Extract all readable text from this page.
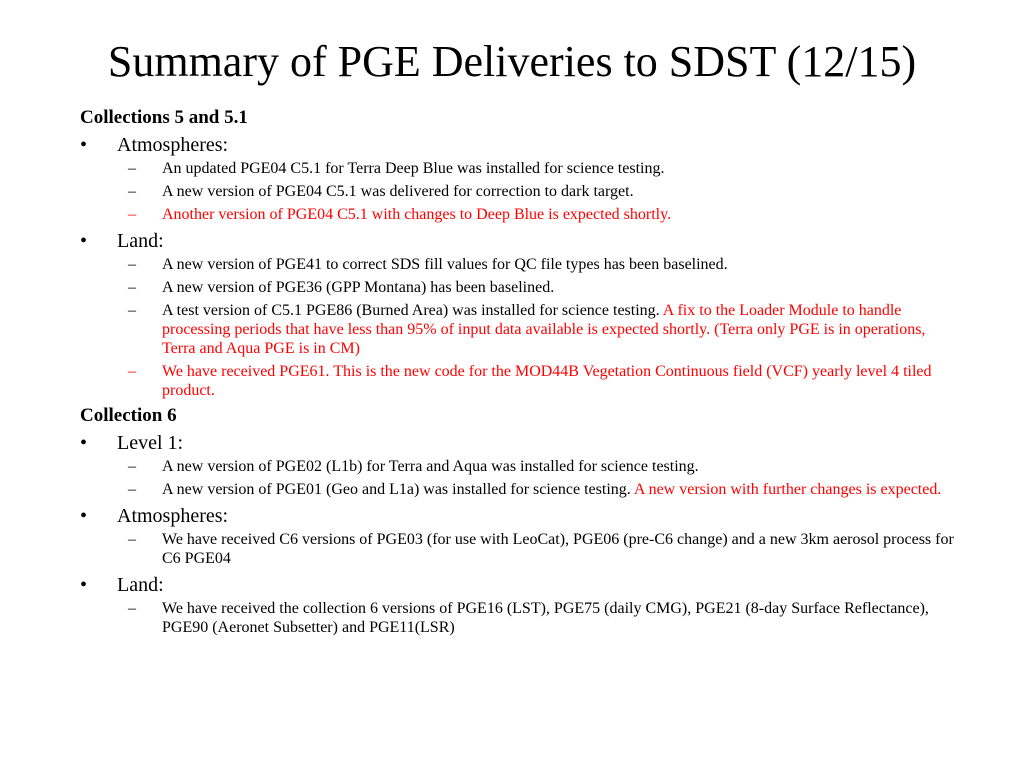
Summary of PGE Deliveries to SDST (12/15)
Collections 5 and 5.1
•	Atmospheres:
– An updated PGE04 C5.1 for Terra Deep Blue was installed for science testing.
– A new version of PGE04 C5.1 was delivered for correction to dark target.
– Another version of PGE04 C5.1 with changes to Deep Blue is expected shortly.
•	Land:
– A new version of PGE41 to correct SDS fill values for QC file types has been baselined.
– A new version of PGE36 (GPP Montana) has been baselined.
– A test version of C5.1 PGE86 (Burned Area) was installed for science testing. A fix to the Loader Module to handle processing periods that have less than 95% of input data available is expected shortly. (Terra only PGE is in operations, Terra and Aqua PGE is in CM)
– We have received PGE61. This is the new code for the MOD44B Vegetation Continuous field (VCF) yearly level 4 tiled product.
Collection 6
•	Level 1:
– A new version of PGE02 (L1b) for Terra and Aqua was installed for science testing.
– A new version of PGE01 (Geo and L1a) was installed for science testing. A new version with further changes is expected.
•	Atmospheres:
– We have received C6 versions of PGE03 (for use with LeoCat), PGE06 (pre-C6 change) and a new 3km aerosol process for C6 PGE04
•	Land:
– We have received the collection 6 versions of PGE16 (LST), PGE75 (daily CMG), PGE21 (8-day Surface Reflectance), PGE90 (Aeronet Subsetter) and PGE11(LSR)
